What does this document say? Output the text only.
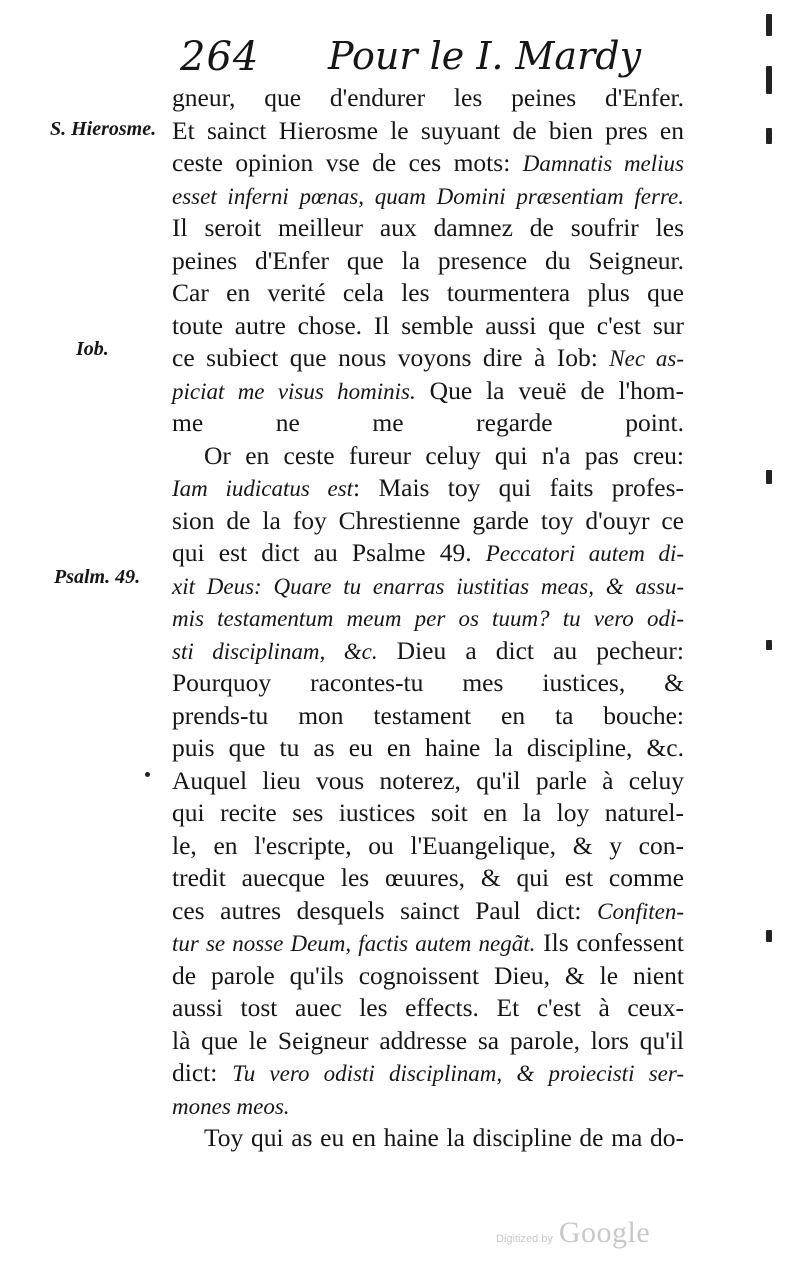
264 Pour le I. Mardy
S. Hierosme.
Iob.
Psalm. 49.
gneur, que d'endurer les peines d'Enfer.
Et sainct Hierosme le suyuant de bien pres en
ceste opinion vse de ces mots: Damnatis melius
esset inferni pœnas, quam Domini præsentiam ferre.
Il seroit meilleur aux damnez de soufrir les
peines d'Enfer que la presence du Seigneur.
Car en verité cela les tourmentera plus que
toute autre chose. Il semble aussi que c'est sur
ce subiect que nous voyons dire à Iob: Nec as-
piciat me visus hominis. Que la veuë de l'hom-
me ne me regarde point.
Or en ceste fureur celuy qui n'a pas creu:
Iam iudicatus est: Mais toy qui faits profes-
sion de la foy Chrestienne garde toy d'ouyr ce
qui est dict au Psalme 49. Peccatori autem di-
xit Deus: Quare tu enarras iustitias meas, & assu-
mis testamentum meum per os tuum? tu vero odi-
sti disciplinam, &c. Dieu a dict au pecheur:
Pourquoy racontes-tu mes iustices, &
prends-tu mon testament en ta bouche:
puis que tu as eu en haine la discipline, &c.
Auquel lieu vous noterez, qu'il parle à celuy
qui recite ses iustices soit en la loy naturel-
le, en l'escripte, ou l'Euangelique, & y con-
tredit auecque les œuures, & qui est comme
ces autres desquels sainct Paul dict: Confiten-
tur se nosse Deum, factis autem negãt. Ils confessent
de parole qu'ils cognoissent Dieu, & le nient
aussi tost auec les effects. Et c'est à ceux-
là que le Seigneur addresse sa parole, lors qu'il
dict: Tu vero odisti disciplinam, & proiecisti ser-
mones meos.
Toy qui as eu en haine la discipline de ma do-
Digitized by Google
